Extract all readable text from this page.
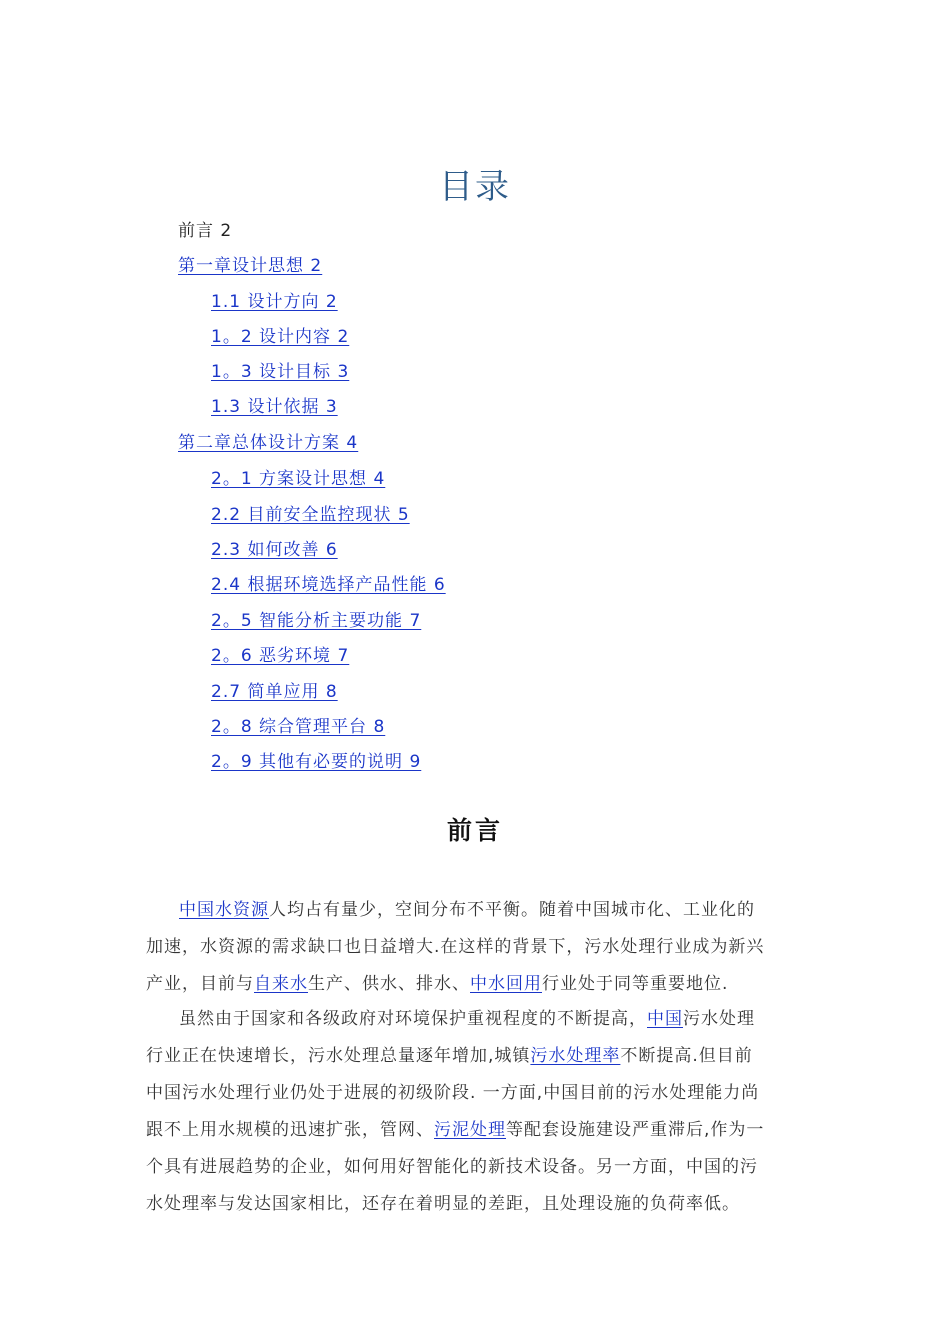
目录
前言 2
第一章设计思想 2
1.1 设计方向 2
1。2 设计内容 2
1。3 设计目标 3
1.3 设计依据 3
第二章总体设计方案 4
2。1 方案设计思想 4
2.2 目前安全监控现状 5
2.3 如何改善 6
2.4 根据环境选择产品性能 6
2。5 智能分析主要功能 7
2。6 恶劣环境 7
2.7 简单应用 8
2。8 综合管理平台 8
2。9 其他有必要的说明 9
前言
中国水资源人均占有量少，空间分布不平衡。随着中国城市化、工业化的
加速，水资源的需求缺口也日益增大.在这样的背景下，污水处理行业成为新兴
产业，目前与自来水生产、供水、排水、中水回用行业处于同等重要地位.
虽然由于国家和各级政府对环境保护重视程度的不断提高，中国污水处理
行业正在快速增长，污水处理总量逐年增加,城镇污水处理率不断提高.但目前
中国污水处理行业仍处于进展的初级阶段. 一方面,中国目前的污水处理能力尚
跟不上用水规模的迅速扩张，管网、污泥处理等配套设施建设严重滞后,作为一
个具有进展趋势的企业，如何用好智能化的新技术设备。另一方面，中国的污
水处理率与发达国家相比，还存在着明显的差距，且处理设施的负荷率低。
